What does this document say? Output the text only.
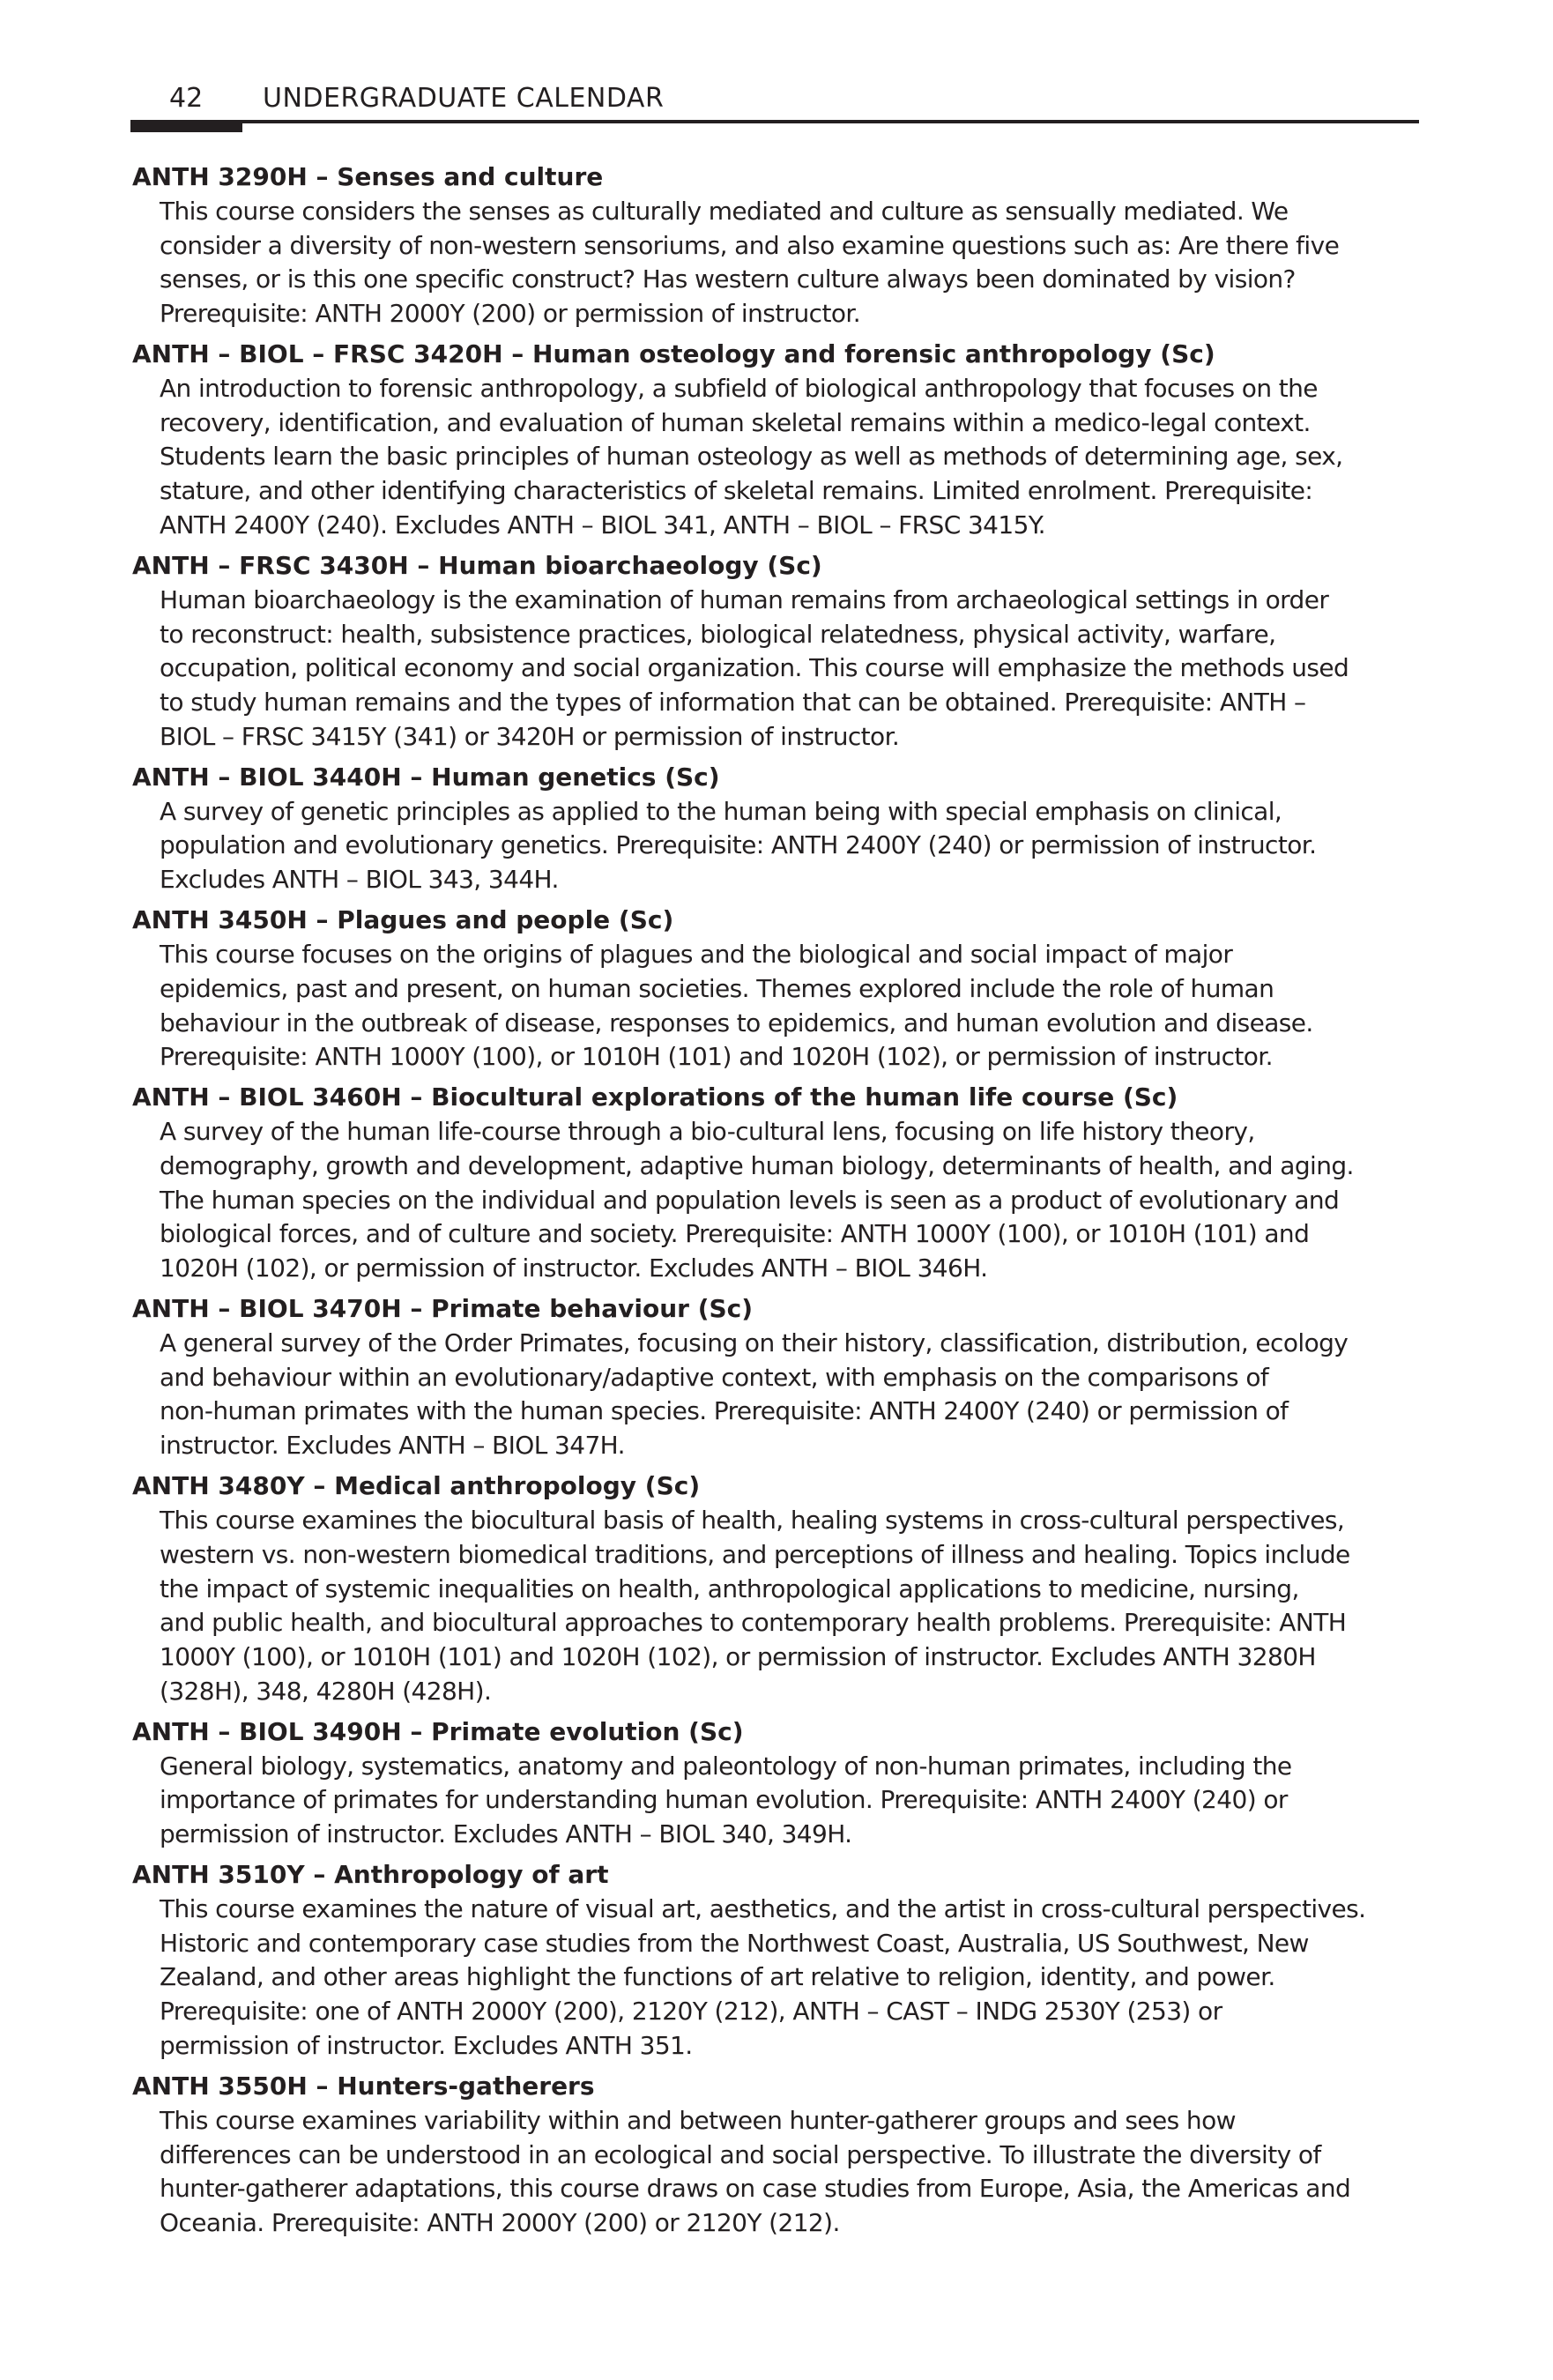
42 UNDERGRADUATE CALENDAR
ANTH 3290H – Senses and culture
This course considers the senses as culturally mediated and culture as sensually mediated. We
consider a diversity of non-western sensoriums, and also examine questions such as: Are there five
senses, or is this one specific construct? Has western culture always been dominated by vision?
Prerequisite: ANTH 2000Y (200) or permission of instructor.
ANTH – BIOL – FRSC 3420H – Human osteology and forensic anthropology (Sc)
An introduction to forensic anthropology, a subfield of biological anthropology that focuses on the
recovery, identification, and evaluation of human skeletal remains within a medico-legal context.
Students learn the basic principles of human osteology as well as methods of determining age, sex,
stature, and other identifying characteristics of skeletal remains. Limited enrolment. Prerequisite:
ANTH 2400Y (240). Excludes ANTH – BIOL 341, ANTH – BIOL – FRSC 3415Y.
ANTH – FRSC 3430H – Human bioarchaeology (Sc)
Human bioarchaeology is the examination of human remains from archaeological settings in order
to reconstruct: health, subsistence practices, biological relatedness, physical activity, warfare,
occupation, political economy and social organization. This course will emphasize the methods used
to study human remains and the types of information that can be obtained. Prerequisite: ANTH –
BIOL – FRSC 3415Y (341) or 3420H or permission of instructor.
ANTH – BIOL 3440H – Human genetics (Sc)
A survey of genetic principles as applied to the human being with special emphasis on clinical,
population and evolutionary genetics. Prerequisite: ANTH 2400Y (240) or permission of instructor.
Excludes ANTH – BIOL 343, 344H.
ANTH 3450H – Plagues and people (Sc)
This course focuses on the origins of plagues and the biological and social impact of major
epidemics, past and present, on human societies. Themes explored include the role of human
behaviour in the outbreak of disease, responses to epidemics, and human evolution and disease.
Prerequisite: ANTH 1000Y (100), or 1010H (101) and 1020H (102), or permission of instructor.
ANTH – BIOL 3460H – Biocultural explorations of the human life course (Sc)
A survey of the human life-course through a bio-cultural lens, focusing on life history theory,
demography, growth and development, adaptive human biology, determinants of health, and aging.
The human species on the individual and population levels is seen as a product of evolutionary and
biological forces, and of culture and society. Prerequisite: ANTH 1000Y (100), or 1010H (101) and
1020H (102), or permission of instructor. Excludes ANTH – BIOL 346H.
ANTH – BIOL 3470H – Primate behaviour (Sc)
A general survey of the Order Primates, focusing on their history, classification, distribution, ecology
and behaviour within an evolutionary/adaptive context, with emphasis on the comparisons of
non-human primates with the human species. Prerequisite: ANTH 2400Y (240) or permission of
instructor. Excludes ANTH – BIOL 347H.
ANTH 3480Y – Medical anthropology (Sc)
This course examines the biocultural basis of health, healing systems in cross-cultural perspectives,
western vs. non-western biomedical traditions, and perceptions of illness and healing. Topics include
the impact of systemic inequalities on health, anthropological applications to medicine, nursing,
and public health, and biocultural approaches to contemporary health problems. Prerequisite: ANTH
1000Y (100), or 1010H (101) and 1020H (102), or permission of instructor. Excludes ANTH 3280H
(328H), 348, 4280H (428H).
ANTH – BIOL 3490H – Primate evolution (Sc)
General biology, systematics, anatomy and paleontology of non-human primates, including the
importance of primates for understanding human evolution. Prerequisite: ANTH 2400Y (240) or
permission of instructor. Excludes ANTH – BIOL 340, 349H.
ANTH 3510Y – Anthropology of art
This course examines the nature of visual art, aesthetics, and the artist in cross-cultural perspectives.
Historic and contemporary case studies from the Northwest Coast, Australia, US Southwest, New
Zealand, and other areas highlight the functions of art relative to religion, identity, and power.
Prerequisite: one of ANTH 2000Y (200), 2120Y (212), ANTH – CAST – INDG 2530Y (253) or
permission of instructor. Excludes ANTH 351.
ANTH 3550H – Hunters-gatherers
This course examines variability within and between hunter-gatherer groups and sees how
differences can be understood in an ecological and social perspective. To illustrate the diversity of
hunter-gatherer adaptations, this course draws on case studies from Europe, Asia, the Americas and
Oceania. Prerequisite: ANTH 2000Y (200) or 2120Y (212).
